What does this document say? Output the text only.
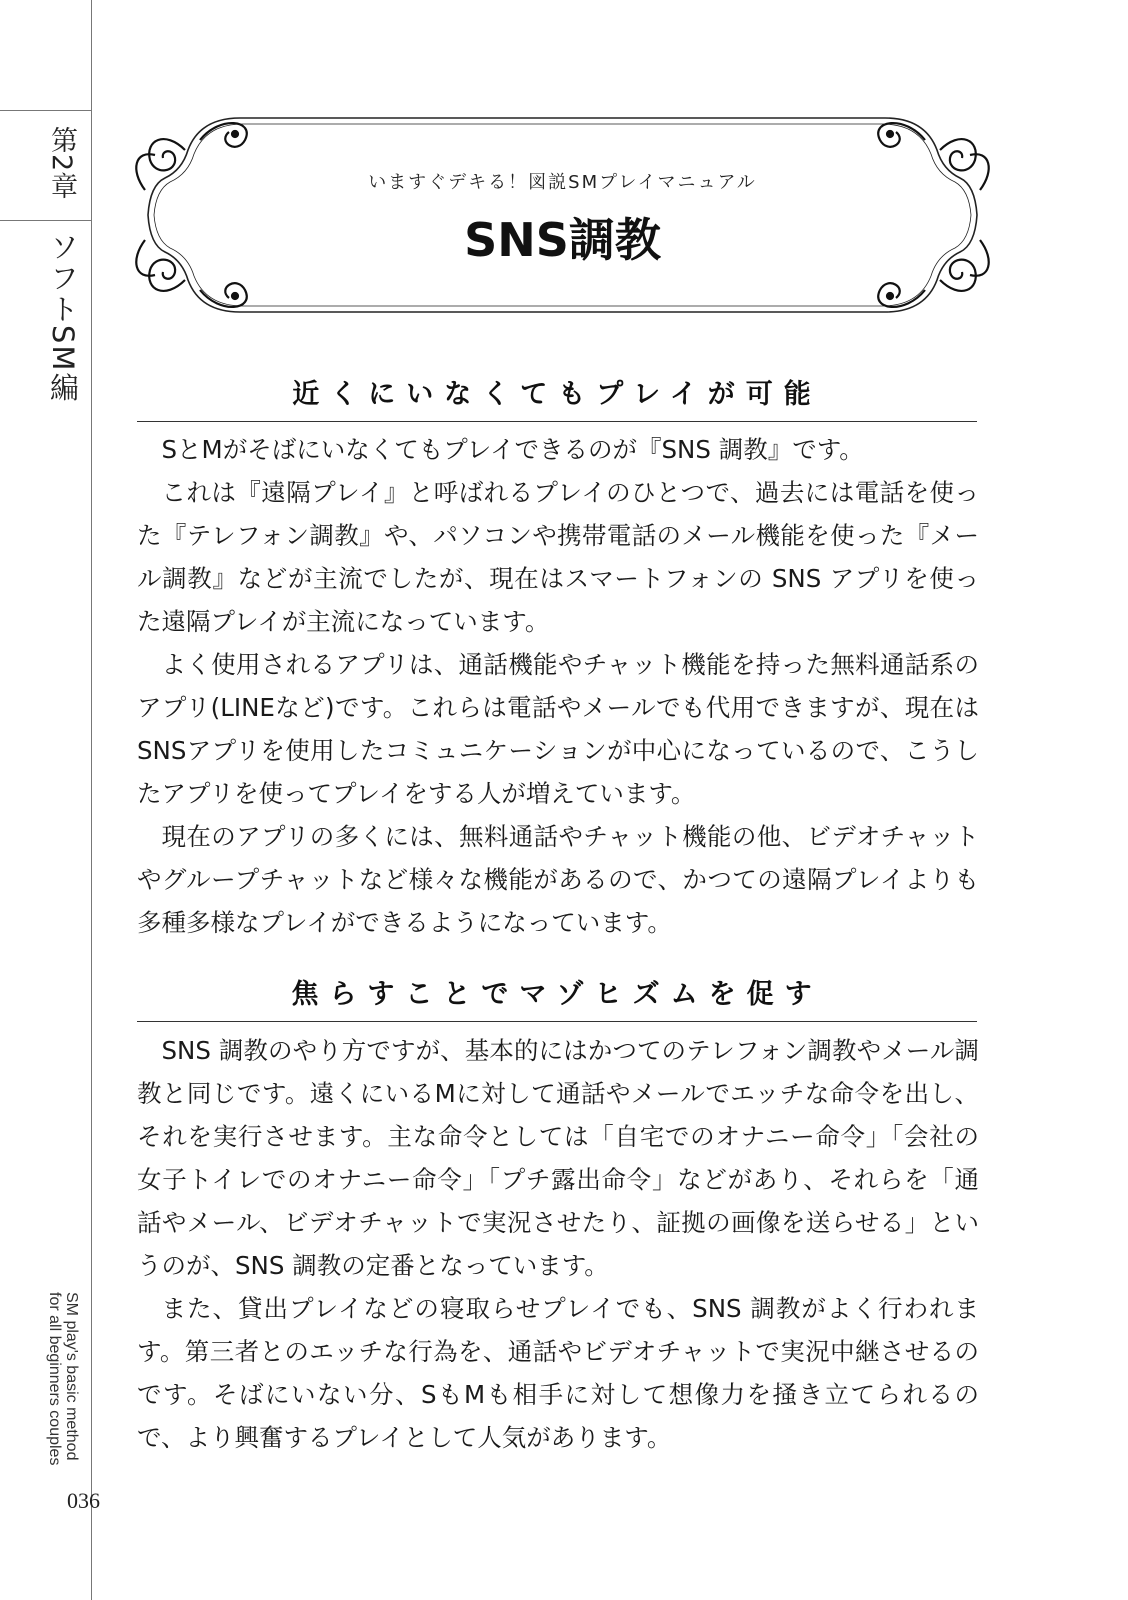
第2章
ソフトSM編
SM play's basic method
for all beginners couples
036
いますぐデキる！図説SMプレイマニュアル
SNS調教
近くにいなくてもプレイが可能

SとMがそばにいなくてもプレイできるのが『SNS 調教』です。

これは『遠隔プレイ』と呼ばれるプレイのひとつで、過去には電話を使った『テレフォン調教』や、パソコンや携帯電話のメール機能を使った『メール調教』などが主流でしたが、現在はスマートフォンの SNS アプリを使った遠隔プレイが主流になっています。

よく使用されるアプリは、通話機能やチャット機能を持った無料通話系のアプリ(LINEなど)です。これらは電話やメールでも代用できますが、現在はSNSアプリを使用したコミュニケーションが中心になっているので、こうしたアプリを使ってプレイをする人が増えています。

現在のアプリの多くには、無料通話やチャット機能の他、ビデオチャットやグループチャットなど様々な機能があるので、かつての遠隔プレイよりも多種多様なプレイができるようになっています。

焦らすことでマゾヒズムを促す

SNS 調教のやり方ですが、基本的にはかつてのテレフォン調教やメール調教と同じです。遠くにいるMに対して通話やメールでエッチな命令を出し、それを実行させます。主な命令としては「自宅でのオナニー命令」「会社の女子トイレでのオナニー命令」「プチ露出命令」などがあり、それらを「通話やメール、ビデオチャットで実況させたり、証拠の画像を送らせる」というのが、SNS 調教の定番となっています。

また、貸出プレイなどの寝取らせプレイでも、SNS 調教がよく行われます。第三者とのエッチな行為を、通話やビデオチャットで実況中継させるのです。そばにいない分、SもMも相手に対して想像力を掻き立てられるので、より興奮するプレイとして人気があります。
